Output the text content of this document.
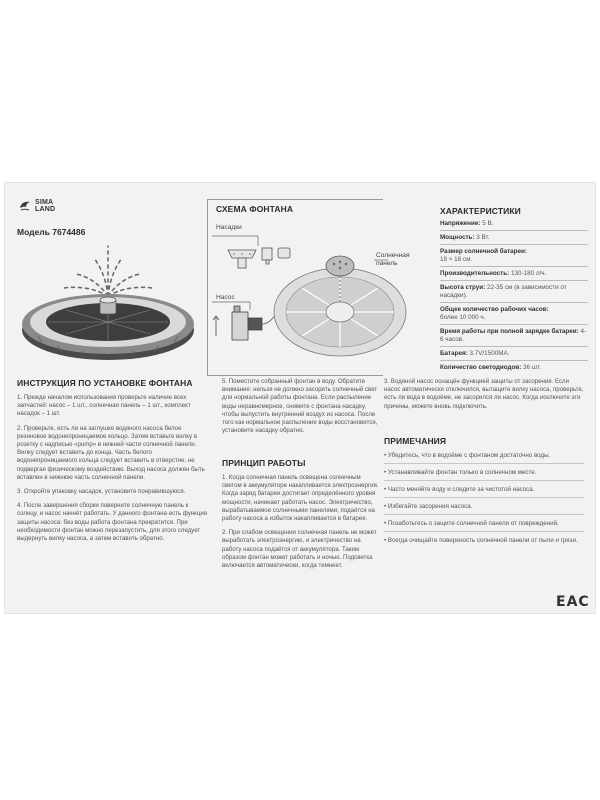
SIMA
LAND
Модель 7674486
ИНСТРУКЦИЯ ПО УСТАНОВКЕ ФОНТАНА

1. Прежде началом использования проверьте наличие всех запчастей: насос – 1 шт., солнечная панель – 1 шт., комплект насадок – 1 шт.

2. Проверьте, есть ли на заглушке водяного насоса белое резиновое водонепроницаемое кольцо. Затем вставьте вилку в розетку с надписью «pump» в нижней части солнечной панели. Вилку следует вставить до конца. Часть белого водонепроницаемого кольца следует вставить в отверстие, не подвергая физическому воздействию. Выход насоса должен быть вставлен в нижнюю часть солнечной панели.

3. Откройте упаковку насадок, установите понравившуюся.

4. После завершения сборки поверните солнечную панель к солнцу, и насос начнёт работать. У данного фонтана есть функция защиты насоса: без воды работа фонтана прекратится. При необходимости фонтан можно перезапустить, для этого следует выдернуть вилку насоса, а затем вставить обратно.

СХЕМА ФОНТАНА
Насадки
Насос
Солнечная
панель

5. Поместите собранный фонтан в воду. Обратите внимание: нельзя не должно засорять солнечный свет для нормальной работы фонтана. Если распыление воды неравномерное, снимите с фонтана насадку, чтобы выпустить внутренний воздух из насоса. После того как нормальное распыление воды восстановится, установите насадку обратно.

ПРИНЦИП РАБОТЫ

1. Когда солнечная панель освещена солнечным светом в аккумуляторе накапливается электроэнергия. Когда заряд батареи достигает определённого уровня мощности, начинает работать насос. Электричество, вырабатываемое солнечными панелями, подаётся на работу насоса а избыток накапливается в батарее.

2. При слабом освещении солнечная панель не может выработать электроэнергию, и электричество на работу насоса подаётся от аккумулятора. Таким образом фонтан может работать и ночью. Подсветка включается автоматически, когда темнеет.

ХАРАКТЕРИСТИКИ
Напряжение: 5 В.
Мощность: 3 Вт.
Размер солнечной батареи:
18 × 18 см.
Производительность: 130-180 л/ч.
Высота струи: 22-35 см (в зависимости от насадки).
Общее количество рабочих часов:
более 10 000 ч.
Время работы при полной зарядке батареи: 4-6 часов.
Батарея: 3.7V/1500MA.
Количество светодиодов: 36 шт.

3. Водяной насос оснащён функцией защиты от засорения. Если насос автоматически отключился, вытащите вилку насоса, проверьте, есть ли вода в водоёме, не засорился ли насос. Когда исключите эти причины, можете вновь подключить.

ПРИМЕЧАНИЯ
• Убедитесь, что в водоёме с фонтаном достаточно воды.
• Устанавливайте фонтан только в солнечном месте.
• Часто меняйте воду и следите за чистотой насоса.
• Избегайте засорения насоса.
• Позаботьтесь о защите солнечной панели от повреждений.
• Всегда очищайте поверхность солнечной панели от пыли и грязи.
EAC
